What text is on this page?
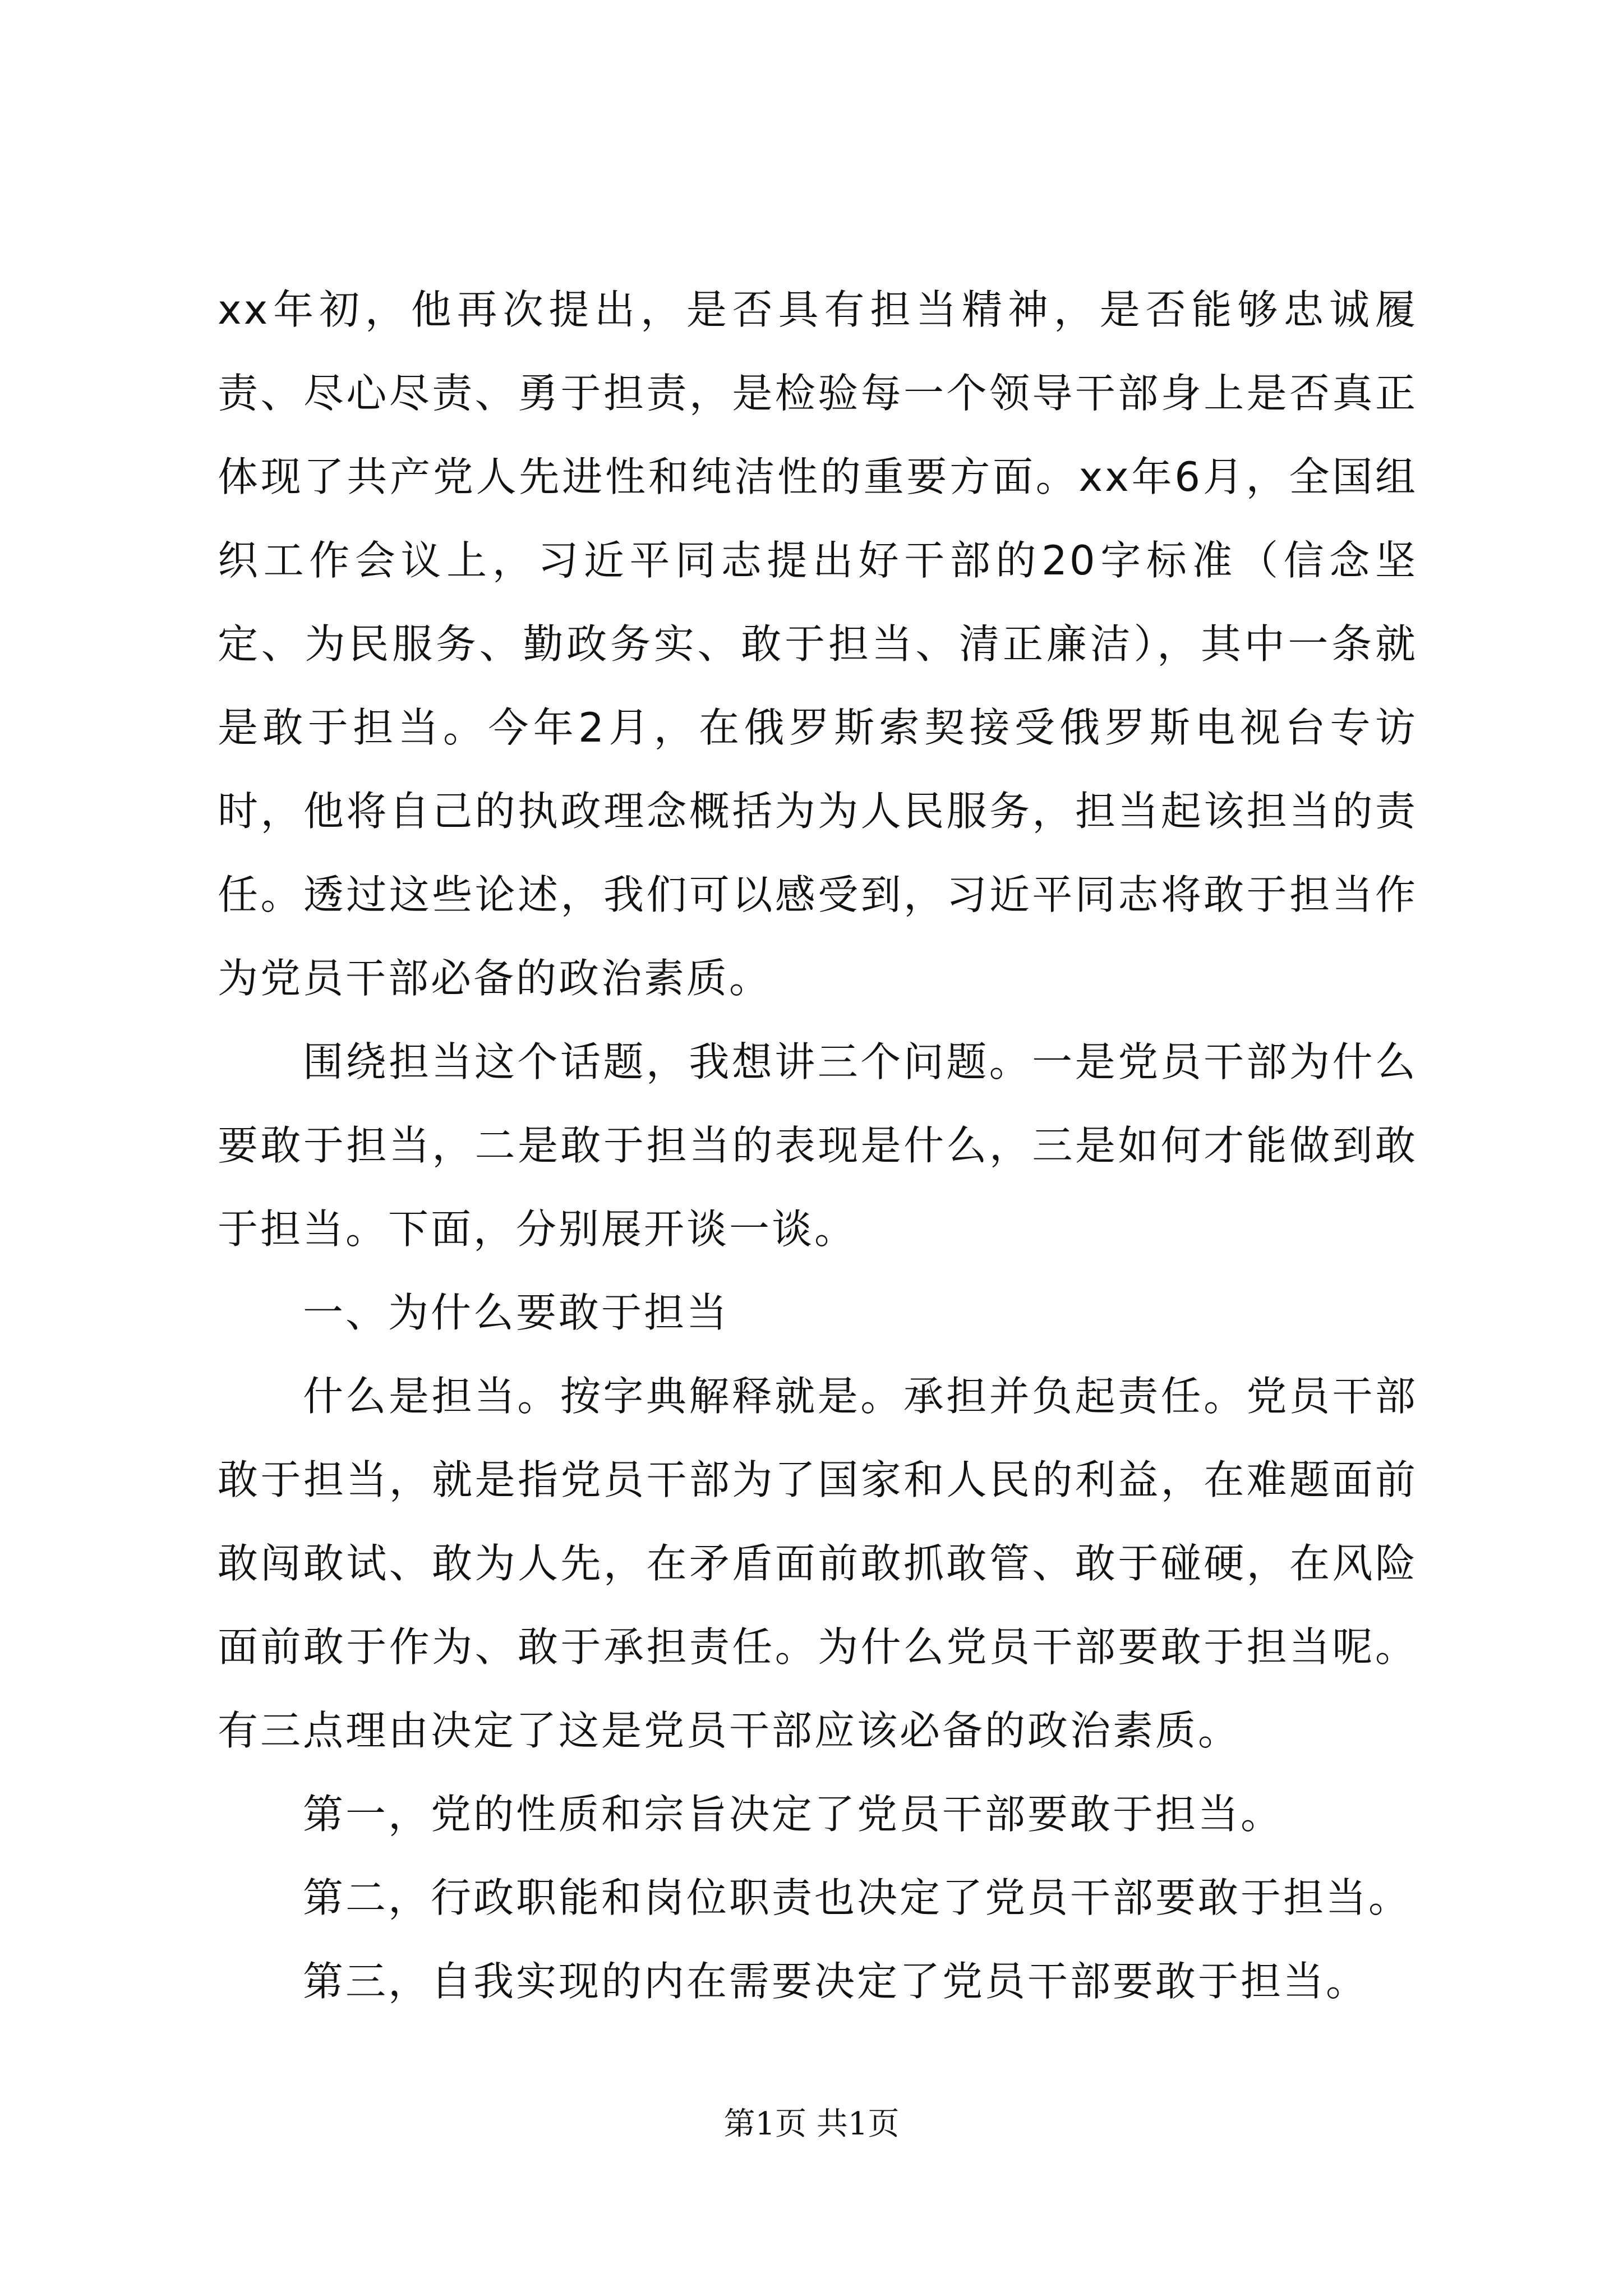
xx年初，他再次提出，是否具有担当精神，是否能够忠诚履责、尽心尽责、勇于担责，是检验每一个领导干部身上是否真正体现了共产党人先进性和纯洁性的重要方面。xx年6月，全国组织工作会议上，习近平同志提出好干部的20字标准（信念坚定、为民服务、勤政务实、敢于担当、清正廉洁），其中一条就是敢于担当。今年2月，在俄罗斯索契接受俄罗斯电视台专访时，他将自己的执政理念概括为为人民服务，担当起该担当的责任。透过这些论述，我们可以感受到，习近平同志将敢于担当作为党员干部必备的政治素质。

围绕担当这个话题，我想讲三个问题。一是党员干部为什么要敢于担当，二是敢于担当的表现是什么，三是如何才能做到敢于担当。下面，分别展开谈一谈。

一、为什么要敢于担当

什么是担当。按字典解释就是。承担并负起责任。党员干部敢于担当，就是指党员干部为了国家和人民的利益，在难题面前敢闯敢试、敢为人先，在矛盾面前敢抓敢管、敢于碰硬，在风险面前敢于作为、敢于承担责任。为什么党员干部要敢于担当呢。有三点理由决定了这是党员干部应该必备的政治素质。

第一，党的性质和宗旨决定了党员干部要敢于担当。

第二，行政职能和岗位职责也决定了党员干部要敢于担当。

第三，自我实现的内在需要决定了党员干部要敢于担当。

第1页 共1页
